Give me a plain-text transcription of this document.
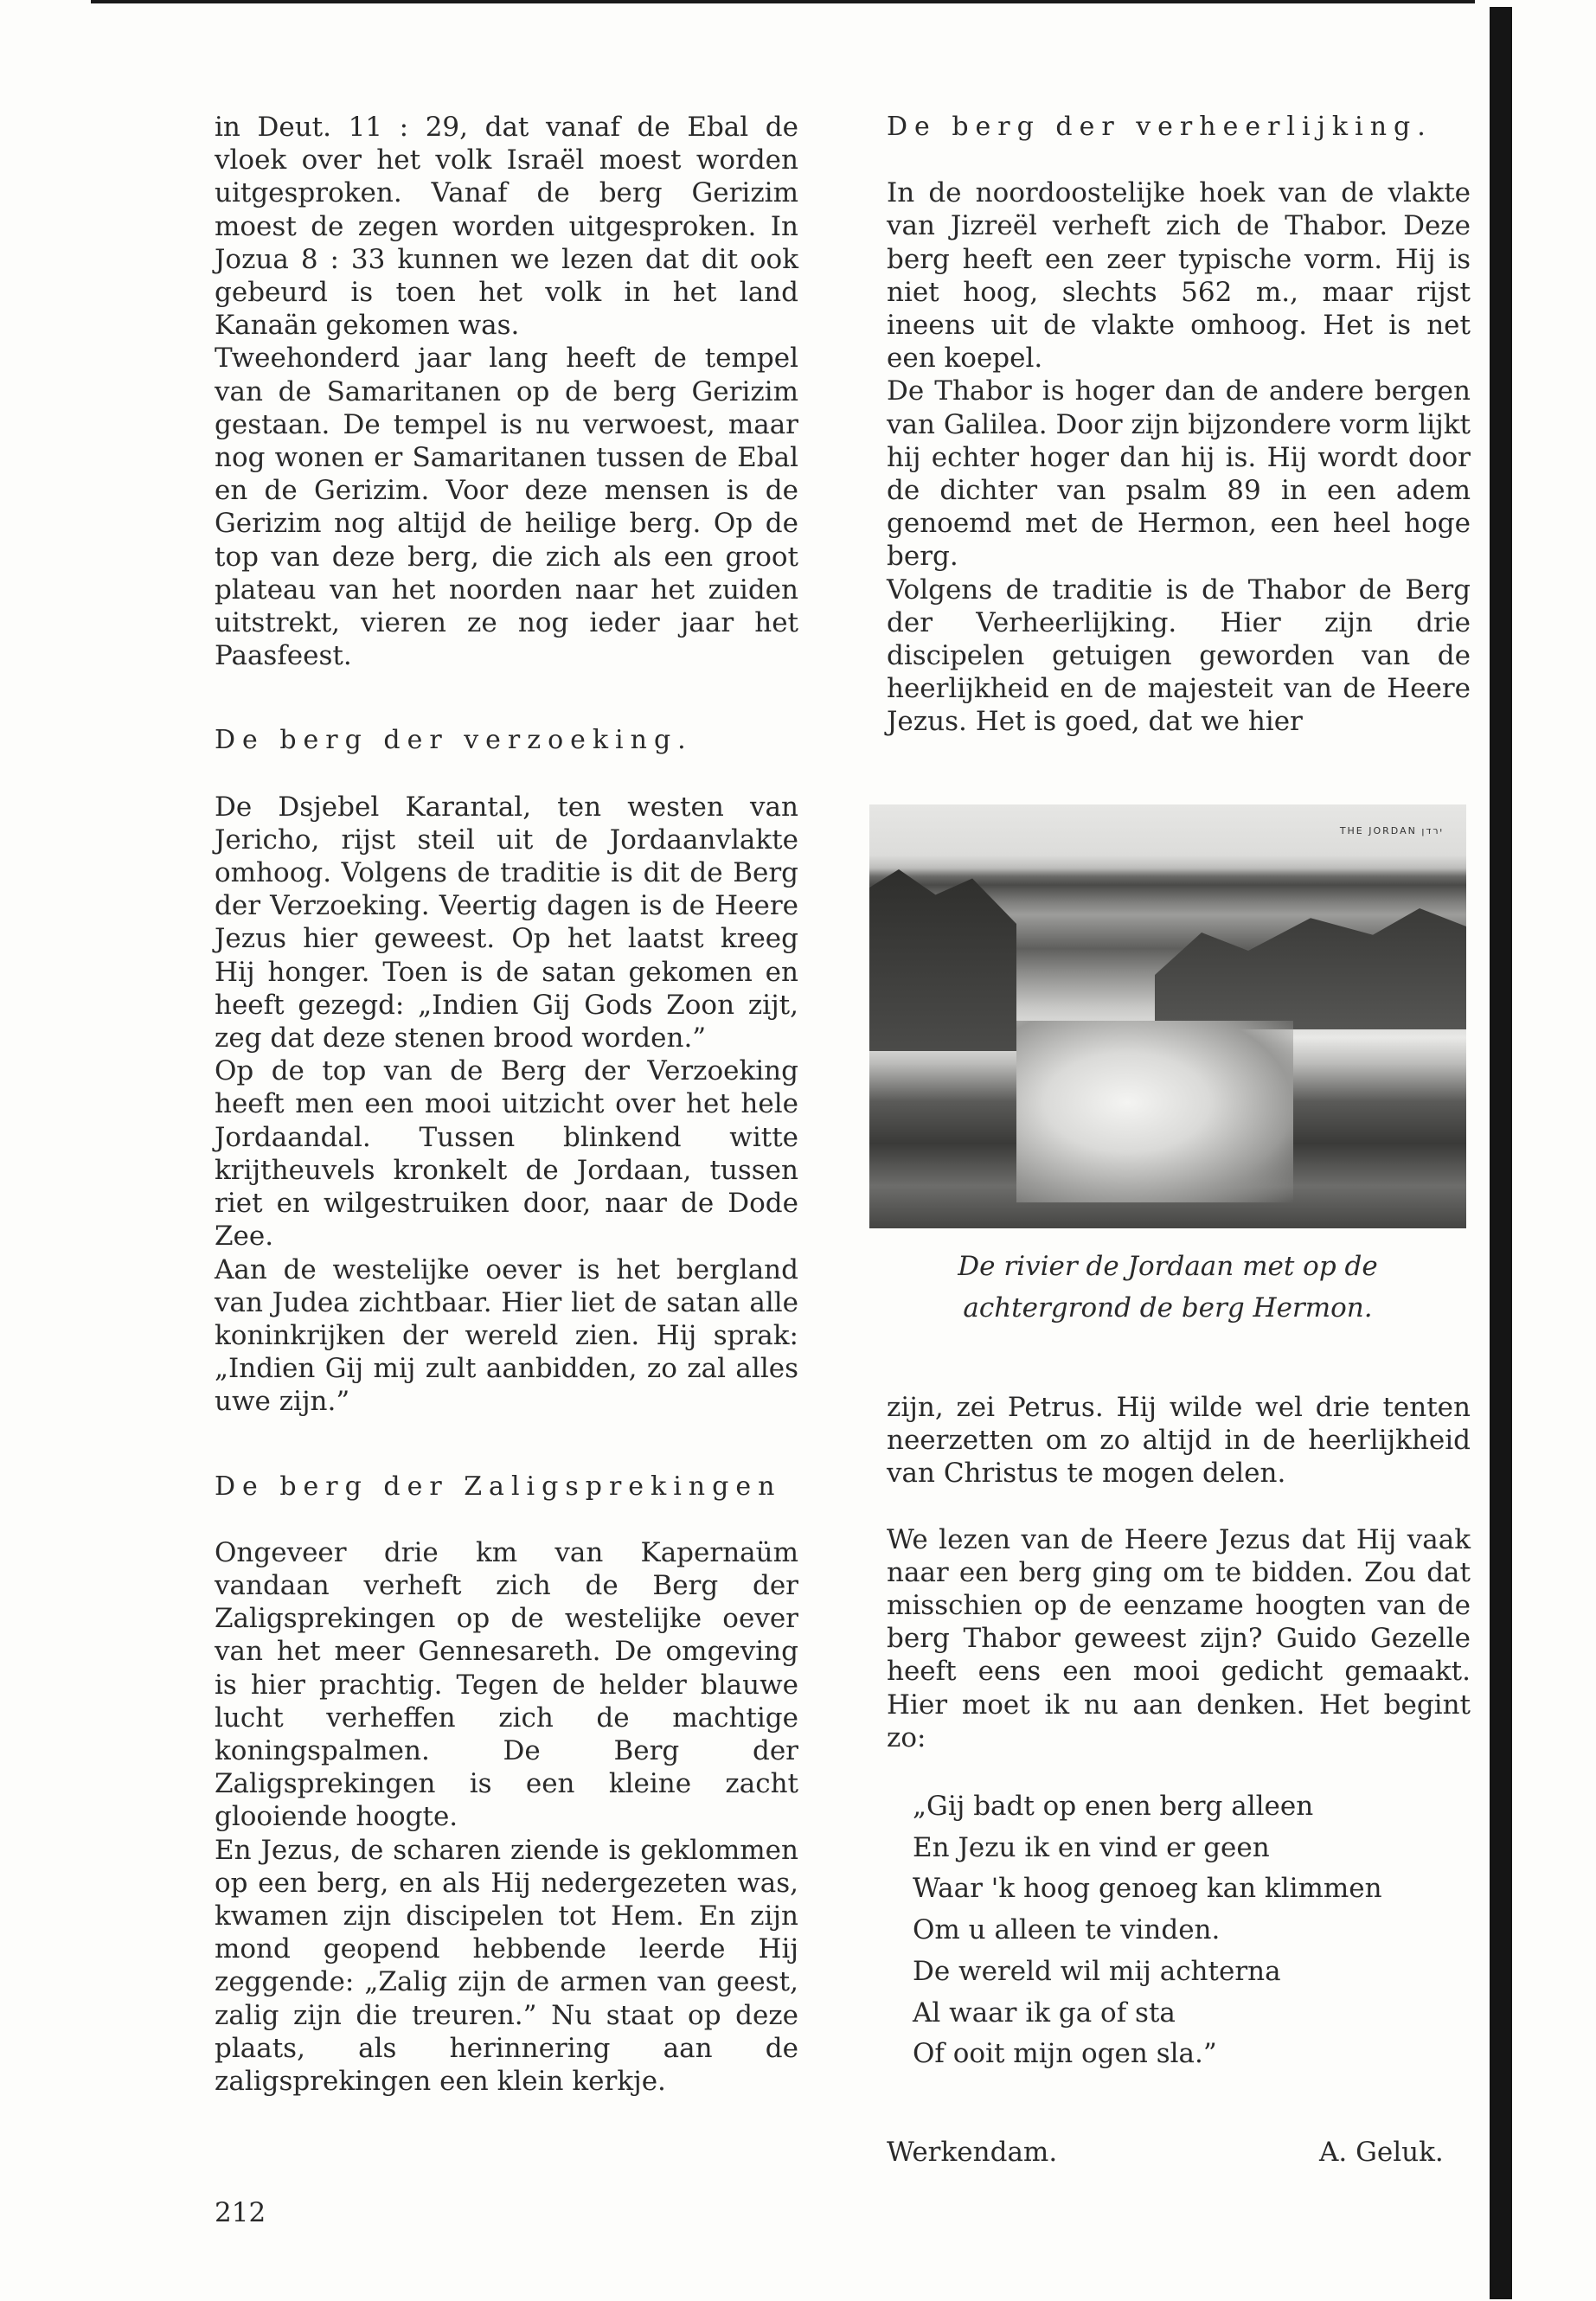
in Deut. 11 : 29, dat vanaf de Ebal de vloek over het volk Israël moest worden uitgesproken. Vanaf de berg Gerizim moest de zegen worden uitgesproken. In Jozua 8 : 33 kunnen we lezen dat dit ook gebeurd is toen het volk in het land Kanaän gekomen was.

Tweehonderd jaar lang heeft de tempel van de Samaritanen op de berg Gerizim gestaan. De tempel is nu verwoest, maar nog wonen er Samaritanen tussen de Ebal en de Gerizim. Voor deze mensen is de Gerizim nog altijd de heilige berg. Op de top van deze berg, die zich als een groot plateau van het noorden naar het zuiden uitstrekt, vieren ze nog ieder jaar het Paasfeest.

De berg der verzoeking.

De Dsjebel Karantal, ten westen van Jericho, rijst steil uit de Jordaanvlakte omhoog. Volgens de traditie is dit de Berg der Verzoeking. Veertig dagen is de Heere Jezus hier geweest. Op het laatst kreeg Hij honger. Toen is de satan gekomen en heeft gezegd: „Indien Gij Gods Zoon zijt, zeg dat deze stenen brood worden.”

Op de top van de Berg der Verzoeking heeft men een mooi uitzicht over het hele Jordaandal. Tussen blinkend witte krijtheuvels kronkelt de Jordaan, tussen riet en wilgestruiken door, naar de Dode Zee.

Aan de westelijke oever is het bergland van Judea zichtbaar. Hier liet de satan alle koninkrijken der wereld zien. Hij sprak: „Indien Gij mij zult aanbidden, zo zal alles uwe zijn.”

De berg der Zaligsprekingen

Ongeveer drie km van Kapernaüm vandaan verheft zich de Berg der Zaligsprekingen op de westelijke oever van het meer Gennesareth. De omgeving is hier prachtig. Tegen de helder blauwe lucht verheffen zich de machtige koningspalmen. De Berg der Zaligsprekingen is een kleine zacht glooiende hoogte.

En Jezus, de scharen ziende is geklommen op een berg, en als Hij nedergezeten was, kwamen zijn discipelen tot Hem. En zijn mond geopend hebbende leerde Hij zeggende: „Zalig zijn de armen van geest, zalig zijn die treuren.” Nu staat op deze plaats, als herinnering aan de zaligsprekingen een klein kerkje.

De berg der verheerlijking.

In de noordoostelijke hoek van de vlakte van Jizreël verheft zich de Thabor. Deze berg heeft een zeer typische vorm. Hij is niet hoog, slechts 562 m., maar rijst ineens uit de vlakte omhoog. Het is net een koepel.

De Thabor is hoger dan de andere bergen van Galilea. Door zijn bijzondere vorm lijkt hij echter hoger dan hij is. Hij wordt door de dichter van psalm 89 in een adem genoemd met de Hermon, een heel hoge berg.

Volgens de traditie is de Thabor de Berg der Verheerlijking. Hier zijn drie discipelen getuigen geworden van de heerlijkheid en de majesteit van de Heere Jezus. Het is goed, dat we hier

THE JORDAN ירדן

De rivier de Jordaan met op de

achtergrond de berg Hermon.

zijn, zei Petrus. Hij wilde wel drie tenten neerzetten om zo altijd in de heerlijkheid van Christus te mogen delen.

We lezen van de Heere Jezus dat Hij vaak naar een berg ging om te bidden. Zou dat misschien op de eenzame hoogten van de berg Thabor geweest zijn? Guido Gezelle heeft eens een mooi gedicht gemaakt. Hier moet ik nu aan denken. Het begint zo:

„Gij badt op enen berg alleen

En Jezu ik en vind er geen

Waar 'k hoog genoeg kan klimmen

Om u alleen te vinden.

De wereld wil mij achterna

Al waar ik ga of sta

Of ooit mijn ogen sla.”

Werkendam.	A. Geluk.
212
